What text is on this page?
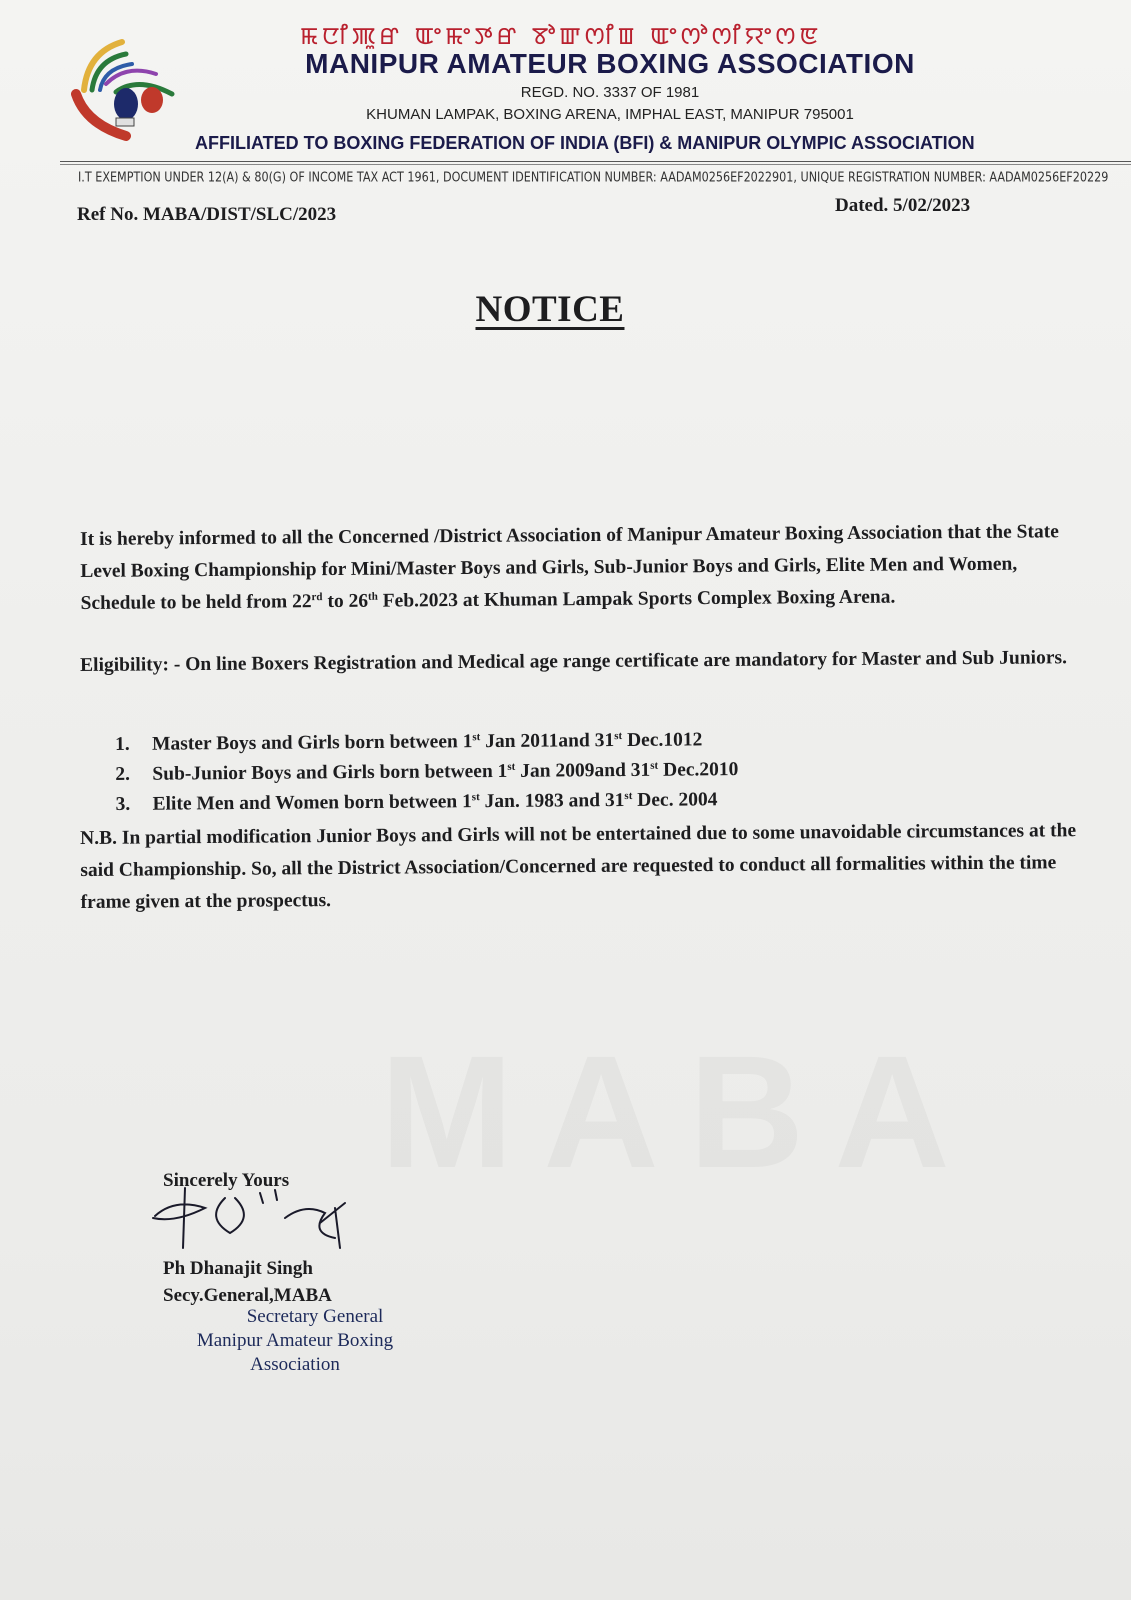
ꯃꯅꯤꯄꯨꯔ ꯑꯦꯃꯦꯇꯔ ꯕꯣꯛꯁꯤꯡ ꯑꯦꯁꯣꯁꯤꯌꯦꯁꯟ
MANIPUR AMATEUR BOXING ASSOCIATION
REGD. NO. 3337 OF 1981
KHUMAN LAMPAK, BOXING ARENA, IMPHAL EAST, MANIPUR 795001
AFFILIATED TO BOXING FEDERATION OF INDIA (BFI) & MANIPUR OLYMPIC ASSOCIATION
I.T EXEMPTION UNDER 12(A) & 80(G) OF INCOME TAX ACT 1961, DOCUMENT IDENTIFICATION NUMBER: AADAM0256EF2022901, UNIQUE REGISTRATION NUMBER: AADAM0256EF20229
Ref No. MABA/DIST/SLC/2023	Dated. 5/02/2023
NOTICE
It is hereby informed to all the Concerned /District Association of Manipur Amateur Boxing Association that the State Level Boxing Championship for Mini/Master Boys and Girls, Sub-Junior Boys and Girls, Elite Men and Women, Schedule to be held from 22rd to 26th Feb.2023 at Khuman Lampak Sports Complex Boxing Arena.
Eligibility: - On line Boxers Registration and Medical age range certificate are mandatory for Master and Sub Juniors.
1.	Master Boys and Girls born between 1st Jan 2011and 31st Dec.1012
2.	Sub-Junior Boys and Girls born between 1st Jan 2009and 31st Dec.2010
3.	Elite Men and Women born between 1st Jan. 1983 and 31st Dec. 2004
N.B. In partial modification Junior Boys and Girls will not be entertained due to some unavoidable circumstances at the said Championship. So, all the District Association/Concerned are requested to conduct all formalities within the time frame given at the prospectus.
Sincerely Yours
Ph Dhanajit Singh
Secy.General,MABA
Secretary General
Manipur Amateur Boxing
Association
